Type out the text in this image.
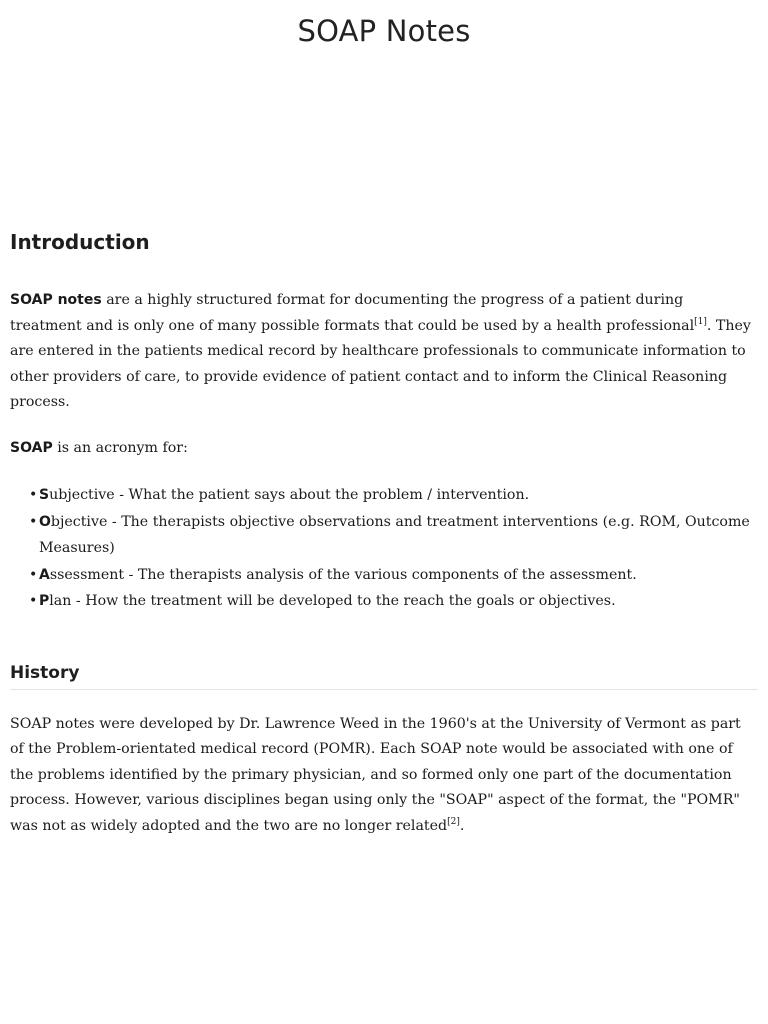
SOAP Notes
Introduction

SOAP notes are a highly structured format for documenting the progress of a patient during treatment and is only one of many possible formats that could be used by a health professional[1]. They are entered in the patients medical record by healthcare professionals to communicate information to other providers of care, to provide evidence of patient contact and to inform the Clinical Reasoning process.

SOAP is an acronym for:

• Subjective - What the patient says about the problem / intervention.
• Objective - The therapists objective observations and treatment interventions (e.g. ROM, Outcome Measures)
• Assessment - The therapists analysis of the various components of the assessment.
• Plan - How the treatment will be developed to the reach the goals or objectives.
History

SOAP notes were developed by Dr. Lawrence Weed in the 1960's at the University of Vermont as part of the Problem-orientated medical record (POMR). Each SOAP note would be associated with one of the problems identified by the primary physician, and so formed only one part of the documentation process. However, various disciplines began using only the "SOAP" aspect of the format, the "POMR" was not as widely adopted and the two are no longer related[2].
